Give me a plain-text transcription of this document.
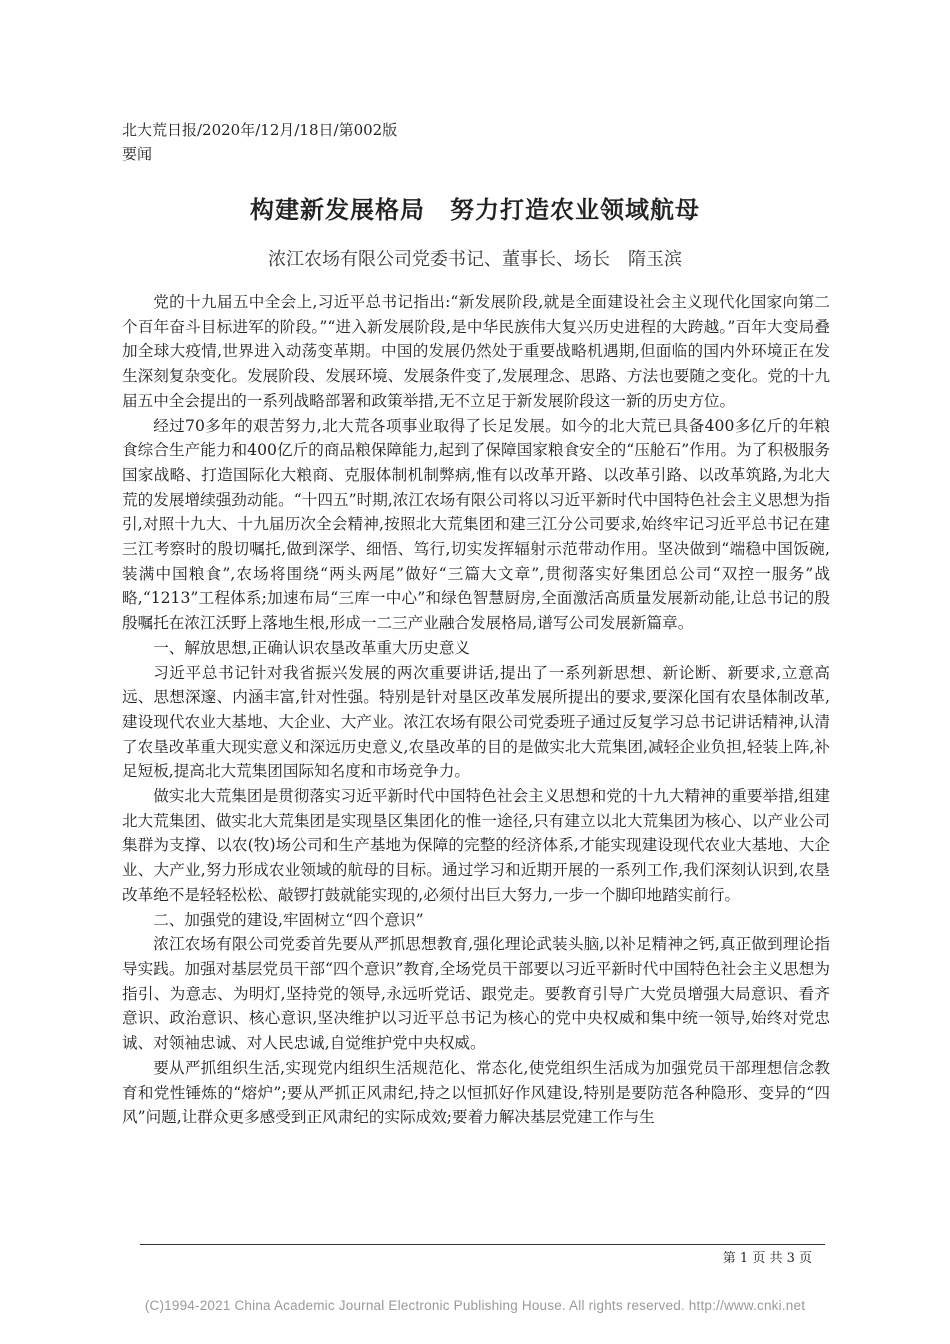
北大荒日报/2020年/12月/18日/第002版
要闻
构建新发展格局　努力打造农业领域航母
浓江农场有限公司党委书记、董事长、场长　隋玉滨

党的十九届五中全会上,习近平总书记指出:“新发展阶段,就是全面建设社会主义现代化国家向第二个百年奋斗目标进军的阶段。”“进入新发展阶段,是中华民族伟大复兴历史进程的大跨越。”百年大变局叠加全球大疫情,世界进入动荡变革期。中国的发展仍然处于重要战略机遇期,但面临的国内外环境正在发生深刻复杂变化。发展阶段、发展环境、发展条件变了,发展理念、思路、方法也要随之变化。党的十九届五中全会提出的一系列战略部署和政策举措,无不立足于新发展阶段这一新的历史方位。

经过70多年的艰苦努力,北大荒各项事业取得了长足发展。如今的北大荒已具备400多亿斤的年粮食综合生产能力和400亿斤的商品粮保障能力,起到了保障国家粮食安全的“压舱石”作用。为了积极服务国家战略、打造国际化大粮商、克服体制机制弊病,惟有以改革开路、以改革引路、以改革筑路,为北大荒的发展增续强劲动能。“十四五”时期,浓江农场有限公司将以习近平新时代中国特色社会主义思想为指引,对照十九大、十九届历次全会精神,按照北大荒集团和建三江分公司要求,始终牢记习近平总书记在建三江考察时的殷切嘱托,做到深学、细悟、笃行,切实发挥辐射示范带动作用。坚决做到“端稳中国饭碗,装满中国粮食”,农场将围绕“两头两尾”做好“三篇大文章”,贯彻落实好集团总公司“双控一服务”战略,“1213”工程体系;加速布局“三库一中心”和绿色智慧厨房,全面激活高质量发展新动能,让总书记的殷殷嘱托在浓江沃野上落地生根,形成一二三产业融合发展格局,谱写公司发展新篇章。

一、解放思想,正确认识农垦改革重大历史意义

习近平总书记针对我省振兴发展的两次重要讲话,提出了一系列新思想、新论断、新要求,立意高远、思想深邃、内涵丰富,针对性强。特别是针对垦区改革发展所提出的要求,要深化国有农垦体制改革,建设现代农业大基地、大企业、大产业。浓江农场有限公司党委班子通过反复学习总书记讲话精神,认清了农垦改革重大现实意义和深远历史意义,农垦改革的目的是做实北大荒集团,减轻企业负担,轻装上阵,补足短板,提高北大荒集团国际知名度和市场竞争力。

做实北大荒集团是贯彻落实习近平新时代中国特色社会主义思想和党的十九大精神的重要举措,组建北大荒集团、做实北大荒集团是实现垦区集团化的惟一途径,只有建立以北大荒集团为核心、以产业公司集群为支撑、以农(牧)场公司和生产基地为保障的完整的经济体系,才能实现建设现代农业大基地、大企业、大产业,努力形成农业领域的航母的目标。通过学习和近期开展的一系列工作,我们深刻认识到,农垦改革绝不是轻轻松松、敲锣打鼓就能实现的,必须付出巨大努力,一步一个脚印地踏实前行。

二、加强党的建设,牢固树立“四个意识”

浓江农场有限公司党委首先要从严抓思想教育,强化理论武装头脑,以补足精神之钙,真正做到理论指导实践。加强对基层党员干部“四个意识”教育,全场党员干部要以习近平新时代中国特色社会主义思想为指引、为意志、为明灯,坚持党的领导,永远听党话、跟党走。要教育引导广大党员增强大局意识、看齐意识、政治意识、核心意识,坚决维护以习近平总书记为核心的党中央权威和集中统一领导,始终对党忠诚、对领袖忠诚、对人民忠诚,自觉维护党中央权威。

要从严抓组织生活,实现党内组织生活规范化、常态化,使党组织生活成为加强党员干部理想信念教育和党性锤炼的“熔炉”;要从严抓正风肃纪,持之以恒抓好作风建设,特别是要防范各种隐形、变异的“四风”问题,让群众更多感受到正风肃纪的实际成效;要着力解决基层党建工作与生

第 1 页 共 3 页
(C)1994-2021 China Academic Journal Electronic Publishing House. All rights reserved. http://www.cnki.net
